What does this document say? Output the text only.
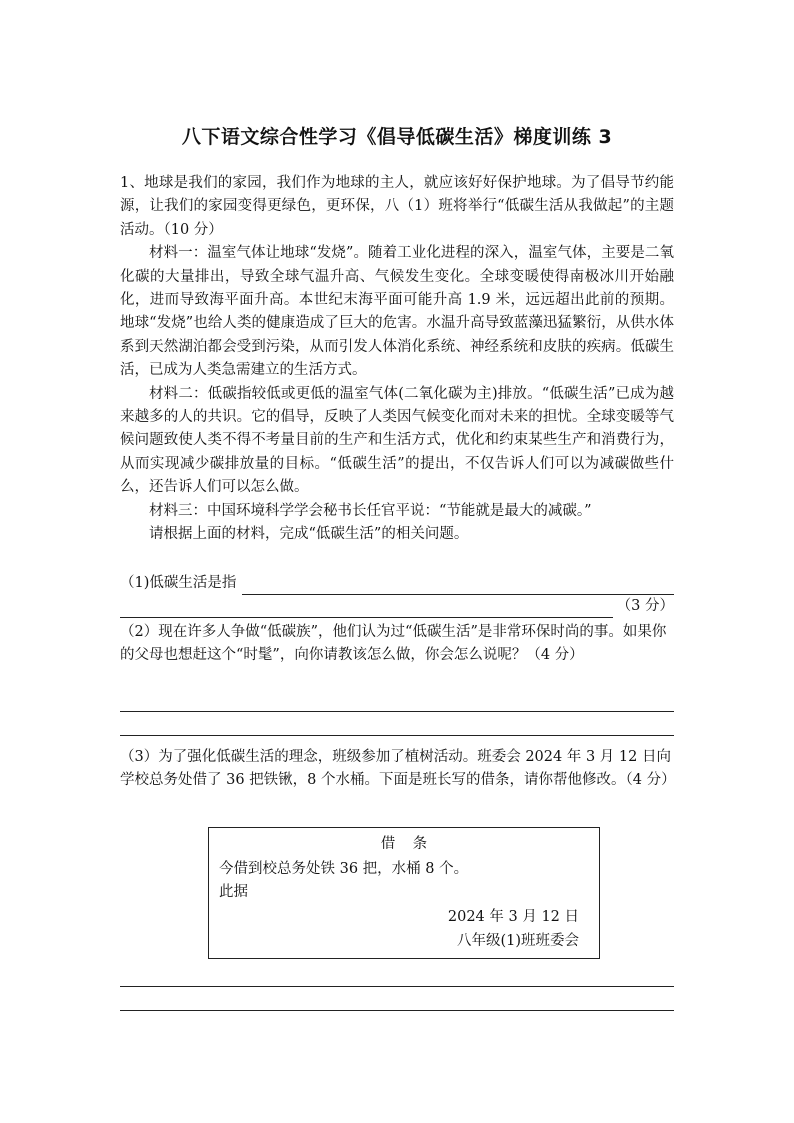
八下语文综合性学习《倡导低碳生活》梯度训练 3

1、地球是我们的家园，我们作为地球的主人，就应该好好保护地球。为了倡导节约能源，让我们的家园变得更绿色，更环保，八（1）班将举行“低碳生活从我做起”的主题活动。（10 分）

材料一：温室气体让地球“发烧”。随着工业化进程的深入，温室气体，主要是二氧化碳的大量排出，导致全球气温升高、气候发生变化。全球变暖使得南极冰川开始融化，进而导致海平面升高。本世纪末海平面可能升高 1.9 米，远远超出此前的预期。地球“发烧”也给人类的健康造成了巨大的危害。水温升高导致蓝藻迅猛繁衍，从供水体系到天然湖泊都会受到污染，从而引发人体消化系统、神经系统和皮肤的疾病。低碳生活，已成为人类急需建立的生活方式。

材料二：低碳指较低或更低的温室气体(二氧化碳为主)排放。“低碳生活”已成为越来越多的人的共识。它的倡导，反映了人类因气候变化而对未来的担忧。全球变暖等气候问题致使人类不得不考量目前的生产和生活方式，优化和约束某些生产和消费行为，从而实现减少碳排放量的目标。“低碳生活”的提出，不仅告诉人们可以为减碳做些什么，还告诉人们可以怎么做。

材料三：中国环境科学学会秘书长任官平说：“节能就是最大的减碳。”

请根据上面的材料，完成“低碳生活”的相关问题。

（1)低碳生活是指
（3 分）

（2）现在许多人争做“低碳族”，他们认为过“低碳生活”是非常环保时尚的事。如果你的父母也想赶这个“时髦”，向你请教该怎么做，你会怎么说呢？（4 分）

（3）为了强化低碳生活的理念，班级参加了植树活动。班委会 2024 年 3 月 12 日向学校总务处借了 36 把铁锹，8 个水桶。下面是班长写的借条，请你帮他修改。（4 分）

借条
今借到校总务处铁 36 把，水桶 8 个。
此据
2024 年 3 月 12 日
八年级(1)班班委会
